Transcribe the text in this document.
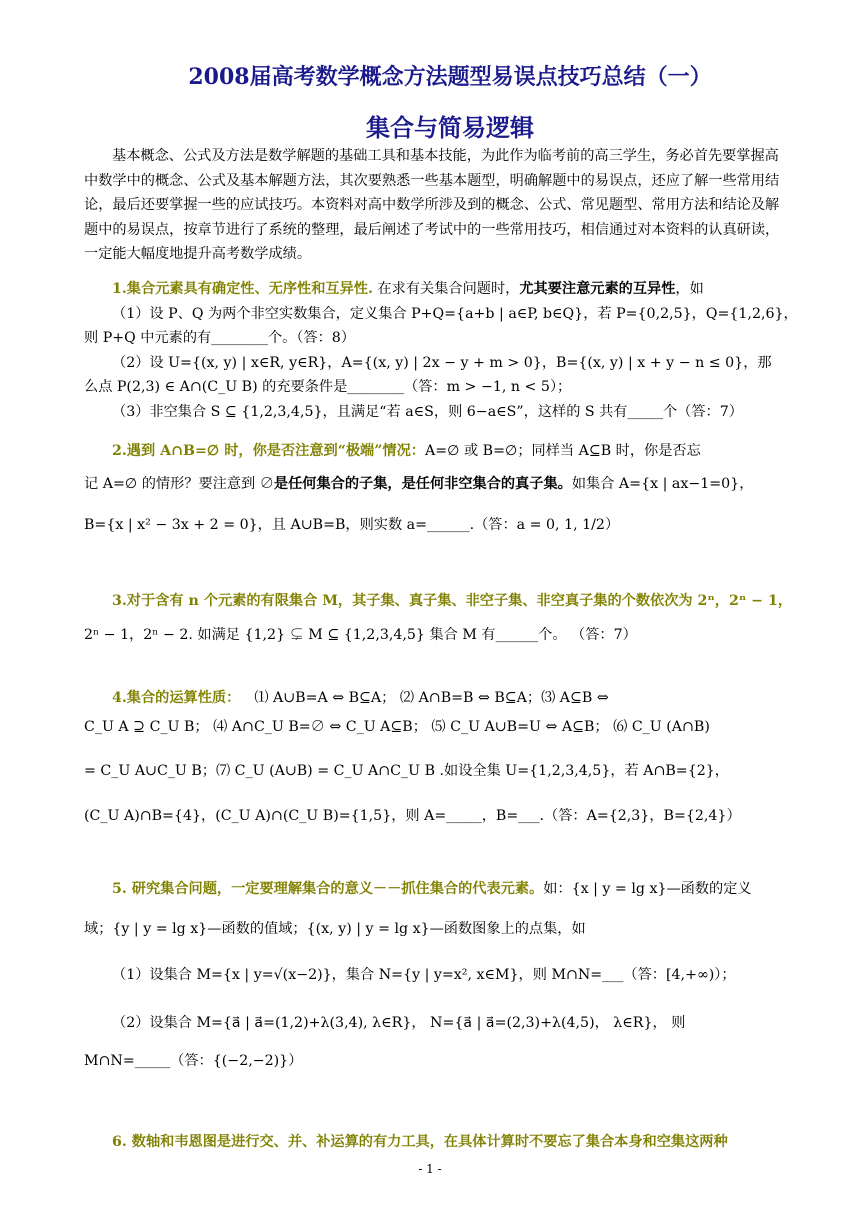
2008届高考数学概念方法题型易误点技巧总结（一）
集合与简易逻辑
基本概念、公式及方法是数学解题的基础工具和基本技能，为此作为临考前的高三学生，务必首先要掌握高中数学中的概念、公式及基本解题方法，其次要熟悉一些基本题型，明确解题中的易误点，还应了解一些常用结论，最后还要掌握一些的应试技巧。本资料对高中数学所涉及到的概念、公式、常见题型、常用方法和结论及解题中的易误点，按章节进行了系统的整理，最后阐述了考试中的一些常用技巧，相信通过对本资料的认真研读，一定能大幅度地提升高考数学成绩。
1.集合元素具有确定性、无序性和互异性. 在求有关集合问题时，尤其要注意元素的互异性，如
（1）设 P、Q 为两个非空实数集合，定义集合 P+Q={a+b | a∈P, b∈Q}，若 P={0,2,5}，Q={1,2,6}，
则 P+Q 中元素的有________个。（答：8）
（2）设 U={(x, y) | x∈R, y∈R}，A={(x, y) | 2x − y + m > 0}，B={(x, y) | x + y − n ≤ 0}，那
么点 P(2,3) ∈ A∩(C_U B) 的充要条件是________（答：m > −1, n < 5）；
（3）非空集合 S ⊆ {1,2,3,4,5}，且满足“若 a∈S，则 6−a∈S”，这样的 S 共有_____个（答：7）
2.遇到 A∩B=∅ 时，你是否注意到“极端”情况：A=∅ 或 B=∅；同样当 A⊆B 时，你是否忘
记 A=∅ 的情形？要注意到 ∅是任何集合的子集，是任何非空集合的真子集。如集合 A={x | ax−1=0}，
B={x | x² − 3x + 2 = 0}，且 A∪B=B，则实数 a=______.（答：a = 0, 1, 1/2）
3.对于含有 n 个元素的有限集合 M，其子集、真子集、非空子集、非空真子集的个数依次为 2ⁿ，2ⁿ − 1，
2ⁿ − 1，2ⁿ − 2. 如满足 {1,2} ⊊ M ⊆ {1,2,3,4,5} 集合 M 有______个。 （答：7）
4.集合的运算性质： ⑴ A∪B=A ⇔ B⊆A； ⑵ A∩B=B ⇔ B⊆A；⑶ A⊆B ⇔
C_U A ⊇ C_U B； ⑷ A∩C_U B=∅ ⇔ C_U A⊆B； ⑸ C_U A∪B=U ⇔ A⊆B； ⑹ C_U (A∩B)
= C_U A∪C_U B；⑺ C_U (A∪B) = C_U A∩C_U B .如设全集 U={1,2,3,4,5}，若 A∩B={2}，
(C_U A)∩B={4}，(C_U A)∩(C_U B)={1,5}，则 A=_____，B=___.（答：A={2,3}，B={2,4}）
5. 研究集合问题，一定要理解集合的意义－－抓住集合的代表元素。如：{x | y = lg x}—函数的定义
域；{y | y = lg x}—函数的值域；{(x, y) | y = lg x}—函数图象上的点集，如
（1）设集合 M={x | y=√(x−2)}，集合 N={y | y=x², x∈M}，则 M∩N=___（答：[4,+∞)）；
（2）设集合 M={a⃗ | a⃗=(1,2)+λ(3,4), λ∈R}， N={a⃗ | a⃗=(2,3)+λ(4,5)， λ∈R}， 则
M∩N=_____（答：{(−2,−2)}）
6. 数轴和韦恩图是进行交、并、补运算的有力工具，在具体计算时不要忘了集合本身和空集这两种
- 1 -
